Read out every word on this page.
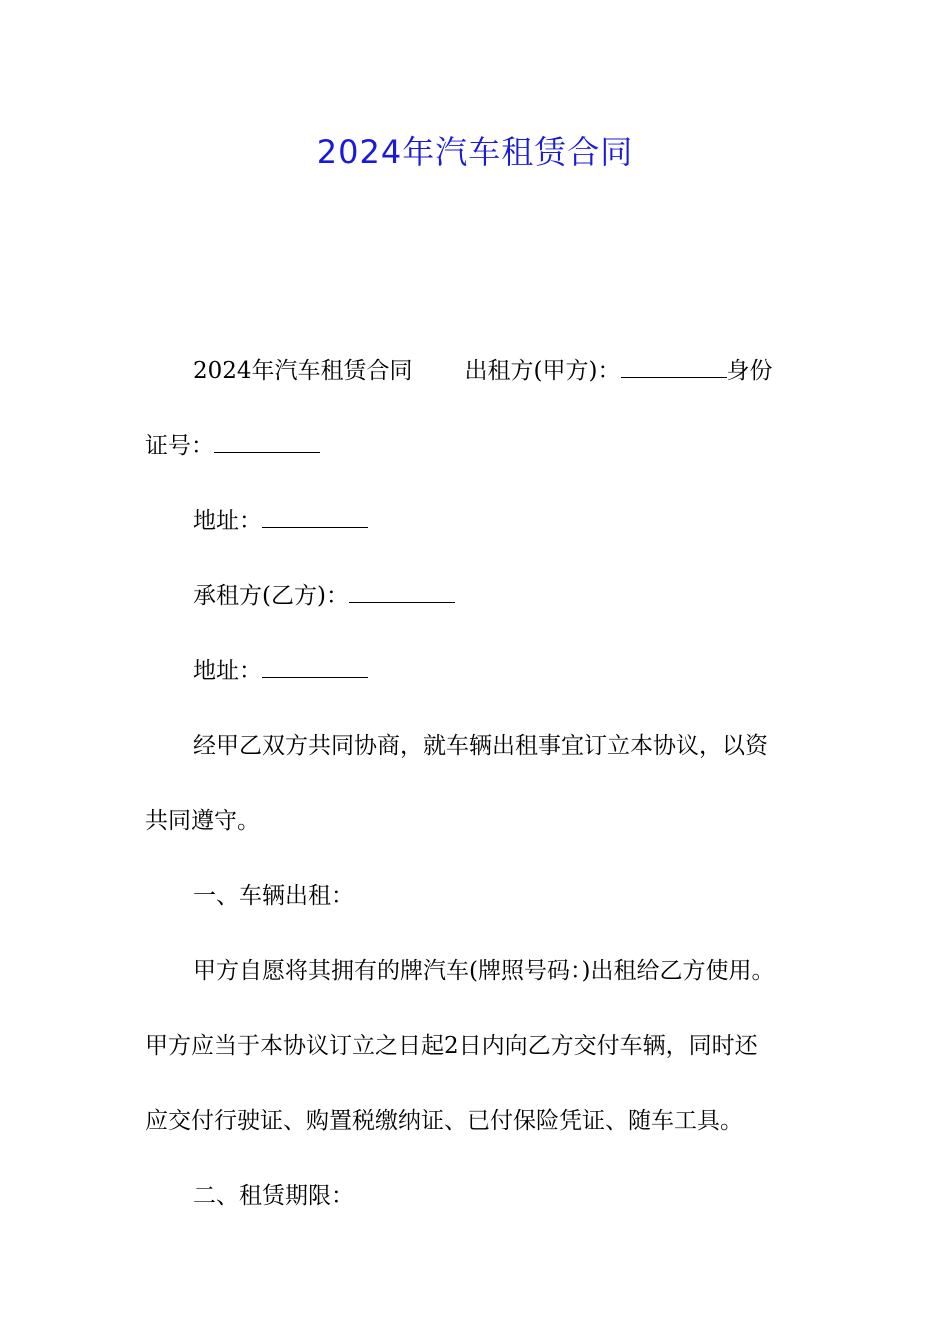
2024年汽车租赁合同
2024年汽车租赁合同 出租方(甲方)：	身份
证号：
地址：
承租方(乙方)：
地址：
经甲乙双方共同协商，就车辆出租事宜订立本协议，以资
共同遵守。
一、车辆出租：
甲方自愿将其拥有的牌汽车(牌照号码：)出租给乙方使用。
甲方应当于本协议订立之日起2日内向乙方交付车辆，同时还
应交付行驶证、购置税缴纳证、已付保险凭证、随车工具。
二、租赁期限：
